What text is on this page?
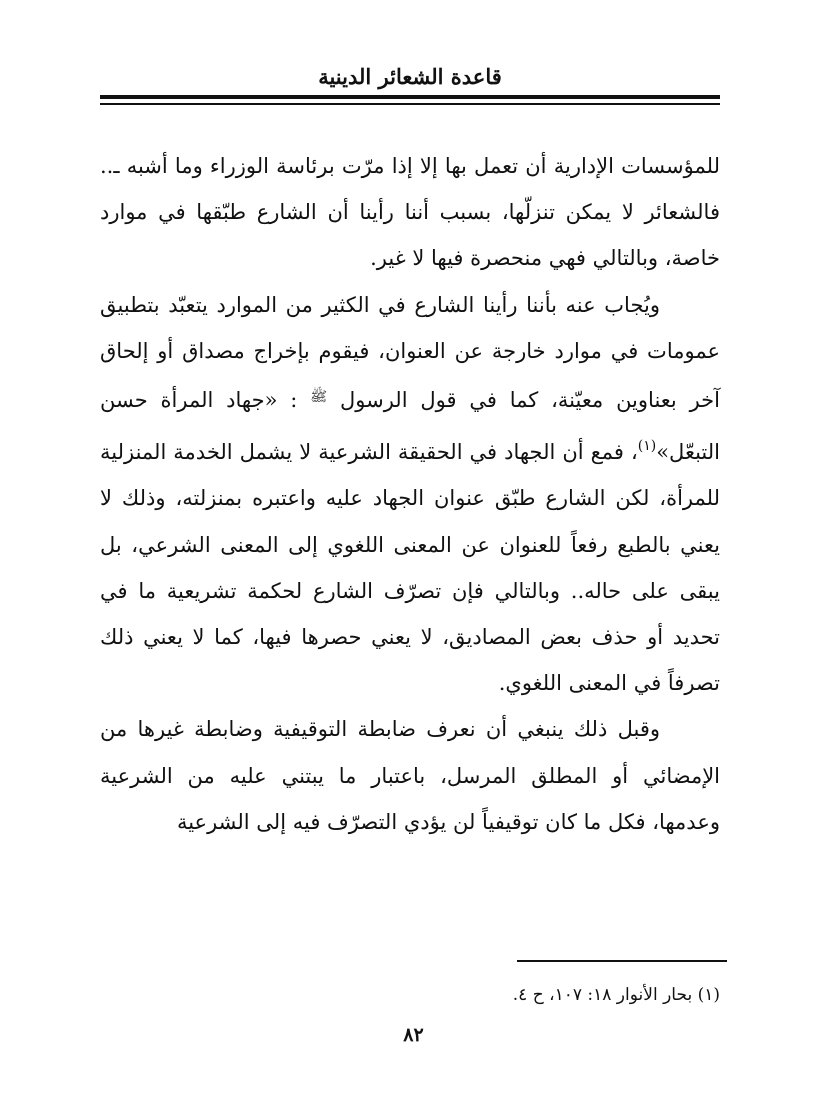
قاعدة الشعائر الدينية

للمؤسسات الإدارية أن تعمل بها إلا إذا مرّت برئاسة الوزراء وما أشبه ـ.. فالشعائر لا يمكن تنزلّها، بسبب أننا رأينا أن الشارع طبّقها في موارد خاصة، وبالتالي فهي منحصرة فيها لا غير.

ويُجاب عنه بأننا رأينا الشارع في الكثير من الموارد يتعبّد بتطبيق عمومات في موارد خارجة عن العنوان، فيقوم بإخراج مصداق أو إلحاق آخر بعناوين معيّنة، كما في قول الرسول $^ﷺ$ : «جهاد المرأة حسن التبعّل»$^{(١)}$، فمع أن الجهاد في الحقيقة الشرعية لا يشمل الخدمة المنزلية للمرأة، لكن الشارع طبّق عنوان الجهاد عليه واعتبره بمنزلته، وذلك لا يعني بالطبع رفعاً للعنوان عن المعنى اللغوي إلى المعنى الشرعي، بل يبقى على حاله.. وبالتالي فإن تصرّف الشارع لحكمة تشريعية ما في تحديد أو حذف بعض المصاديق، لا يعني حصرها فيها، كما لا يعني ذلك تصرفاً في المعنى اللغوي.

وقبل ذلك ينبغي أن نعرف ضابطة التوقيفية وضابطة غيرها من الإمضائي أو المطلق المرسل، باعتبار ما يبتني عليه من الشرعية وعدمها، فكل ما كان توقيفياً لن يؤدي التصرّف فيه إلى الشرعية

(١) بحار الأنوار ١٨: ١٠٧، ح ٤.
٨٢
